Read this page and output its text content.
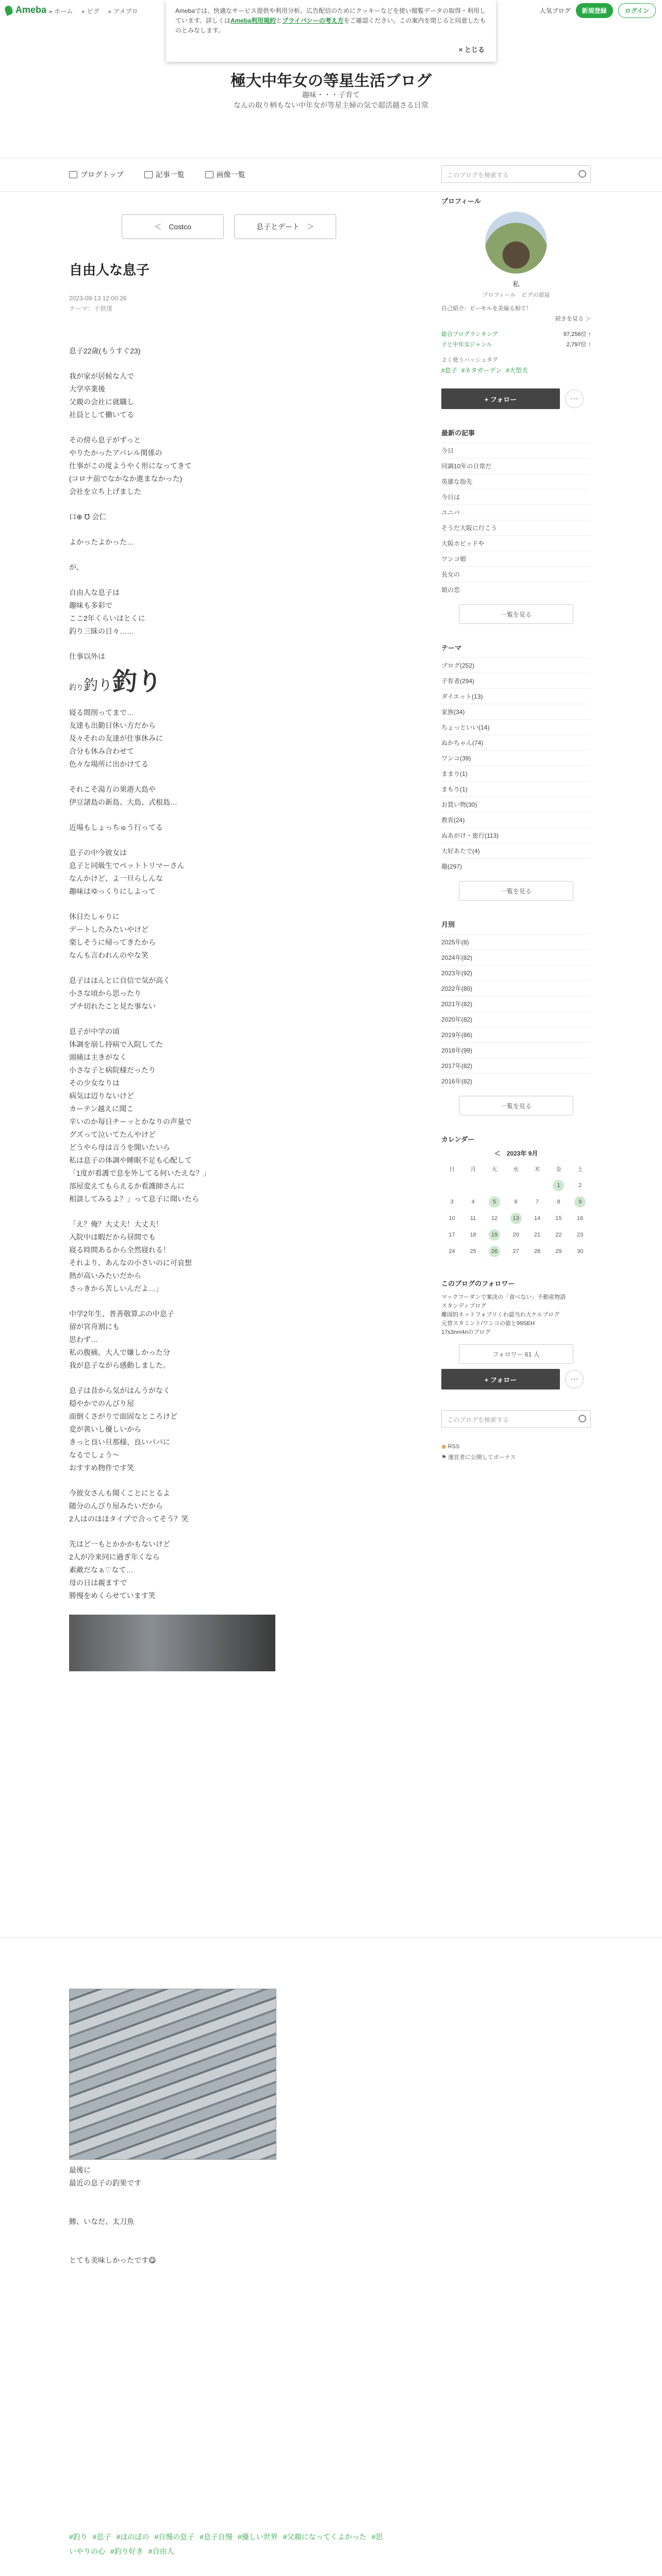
Ameba	▸ ホーム	▸ ピグ	▸ アメブロ	人気ブログ	新規登録	ログイン
Amebaでは、快適なサービス提供や利用分析、広告配信のためにクッキーなどを使い閲覧データの取得・利用しています。詳しくはAmeba利用規約とプライバシーの考え方をご確認ください。この案内を閉じると同意したものとみなします。
× とじる
極大中年女の等星生活ブログ
趣味・・・子育て
なんの取り柄もない中年女が等星主婦の気で超活越さる日常
ブログトップ	記事一覧	画像一覧	このブログを検索する
＜　 Costco	息子とデート 　＞
自由人な息子
2023-09-13 12:00:26
テーマ：子供達

息子22歳(もうすぐ23)

我が家が居候な人で
大学卒業後
父親の会社に就職し
社員として働いてる

その傍ら息子がずっと
やりたかったアパレル関係の
仕事がこの度ようやく形になってきて
(コロナ前でなかなか進まなかった)
会社を立ち上げました

口⊕ ℧ 会仁

よかったよかった…

が、

自由人な息子は
趣味も多彩で
ここ2年くらいはとくに
釣り三昧の日々……

仕事以外は

釣り釣り釣り

寝る間削ってまで…
友達も出勤日休い方だから
及々それの友達が仕事休みに
合分も休み合わせて
色々な場所に出かけてる

それこそ湯方の果港大島や
伊豆諸島の新島、大島、式根島…

近場もしょっちゅう行ってる

息子の中今彼女は
息子と同級生でペットトリマーさん
なんかけど、よ一旦らしんな
趣味はゆっくりにしよって

休日たしゃりに
デートしたみたいやけど
楽しそうに帰ってきたから
なんも言われんのやな笑

息子はほんとに自信で気が高く
小さな頃から思ったり
プチ切れたこと見た事ない

息子が中学の頃
体調を崩し持病で入院してた
頭痛は主きがなく
小さな子と病院様だったり
その少女なりは
病気は辺りないけど
カーテン越えに聞こ
辛いのか毎日チーッとかなりの声量で
グズって泣いてたんやけど
どうやら母は言うを聞いたいら
私は息子の体調や睡眠不足も心配して
「1度が看護で息を外してる何いたえな？」
部屋変えてもらえるか看護師さんに
相談してみるよ？」って息子に聞いたら

「え？俺？大丈夫！大丈夫！
入院中は暇だから昼間でも
寝る時間あるから全然寝れる！
それより、あんなの小さいのに可哀想
熱が高いみたいだから
さっきから苦しいんだよ…」

中学2年生、普善敬算ぷの中息子
留が宮舟割にも
思わず…
私の腹痛、大人で嫌しかった分
我が息子ながら感動しました。

息子は昔から気がはんうがなく
穏やかでのんびり屋
面倒くさがりで面固なところけど
変が黄いし優しいから
きっと良い旦那様、良いパパに
なるでしょう〜
おすすめ物件です笑

今彼女さんも聞くことにとるよ
随分のんびり屋みたいだから
2人はのほほタイプで合ってそう？笑

先はど一もとかかかもないけど
2人が冷来同に過ぎ年くなら
素敵だなぁ♡なて…
母の日は親ますで
勝慢をめくらせています笑

最後に
最近の息子の釣果です
鯵、いなだ、太刀魚
とても美味しかったです😋
#釣り #息子 #ほのぼの #自慢の息子 #息子自慢 #優しい世界 #父親になってくよかった #思いやりの心 #釣り好き #自由人
プロフィール
私
プロフィール　ピグの部屋
自己紹介：ピーモルを美福る相て！
続きを見る ＞
総合ブログランキング	97,256位 ↑
子と中年女ジャンル	2,797位 ↑
よく使うハッシュタグ
#息子 #ネタガーデン #大型犬
+ フォロー	⋯
最新の記事
今日
同調10年の日常だ
英雄な指先
今日は
ユニバ
そうだ大阪に行こう
大阪ホビッドや
ワンコ娘
長女の
娘の恋
一覧を見る
テーマ
ブログ(252)
子育者(294)
ダイエット(13)
家族(34)
ちょっといい(14)
ぬかちゃん(74)
ワンコ(39)
ままり(1)
まもり(1)
お買い物(30)
教育(24)
ぬあがけ・旅行(113)
大好あたで(4)
趣(297)
一覧を見る
月別
2025年(8)
2024年(82)
2023年(92)
2022年(80)
2021年(82)
2020年(82)
2019年(86)
2018年(99)
2017年(82)
2016年(82)
一覧を見る
カレンダー
＜　 2023年 9月
日	月	火	水	木	金	土
					1	2
3	4	5	6	7	8	9
10	11	12	13	14	15	16
17	18	19	20	21	22	23
24	25	26	27	28	29	30
このブログのフォロワー
マックフーダンで案決の「食べない」不動産物語
スタンディブログ
離国的ネットフォブリくわ認当れ大ケルブログ
元替スタミント/ワンコの旅と99SEH
17s3nm4nのブログ
フォロワー 61 人
+ フォロー	⋯
このブログを検索する
◉ RSS
⚑ 運営者に公開してボーナス
